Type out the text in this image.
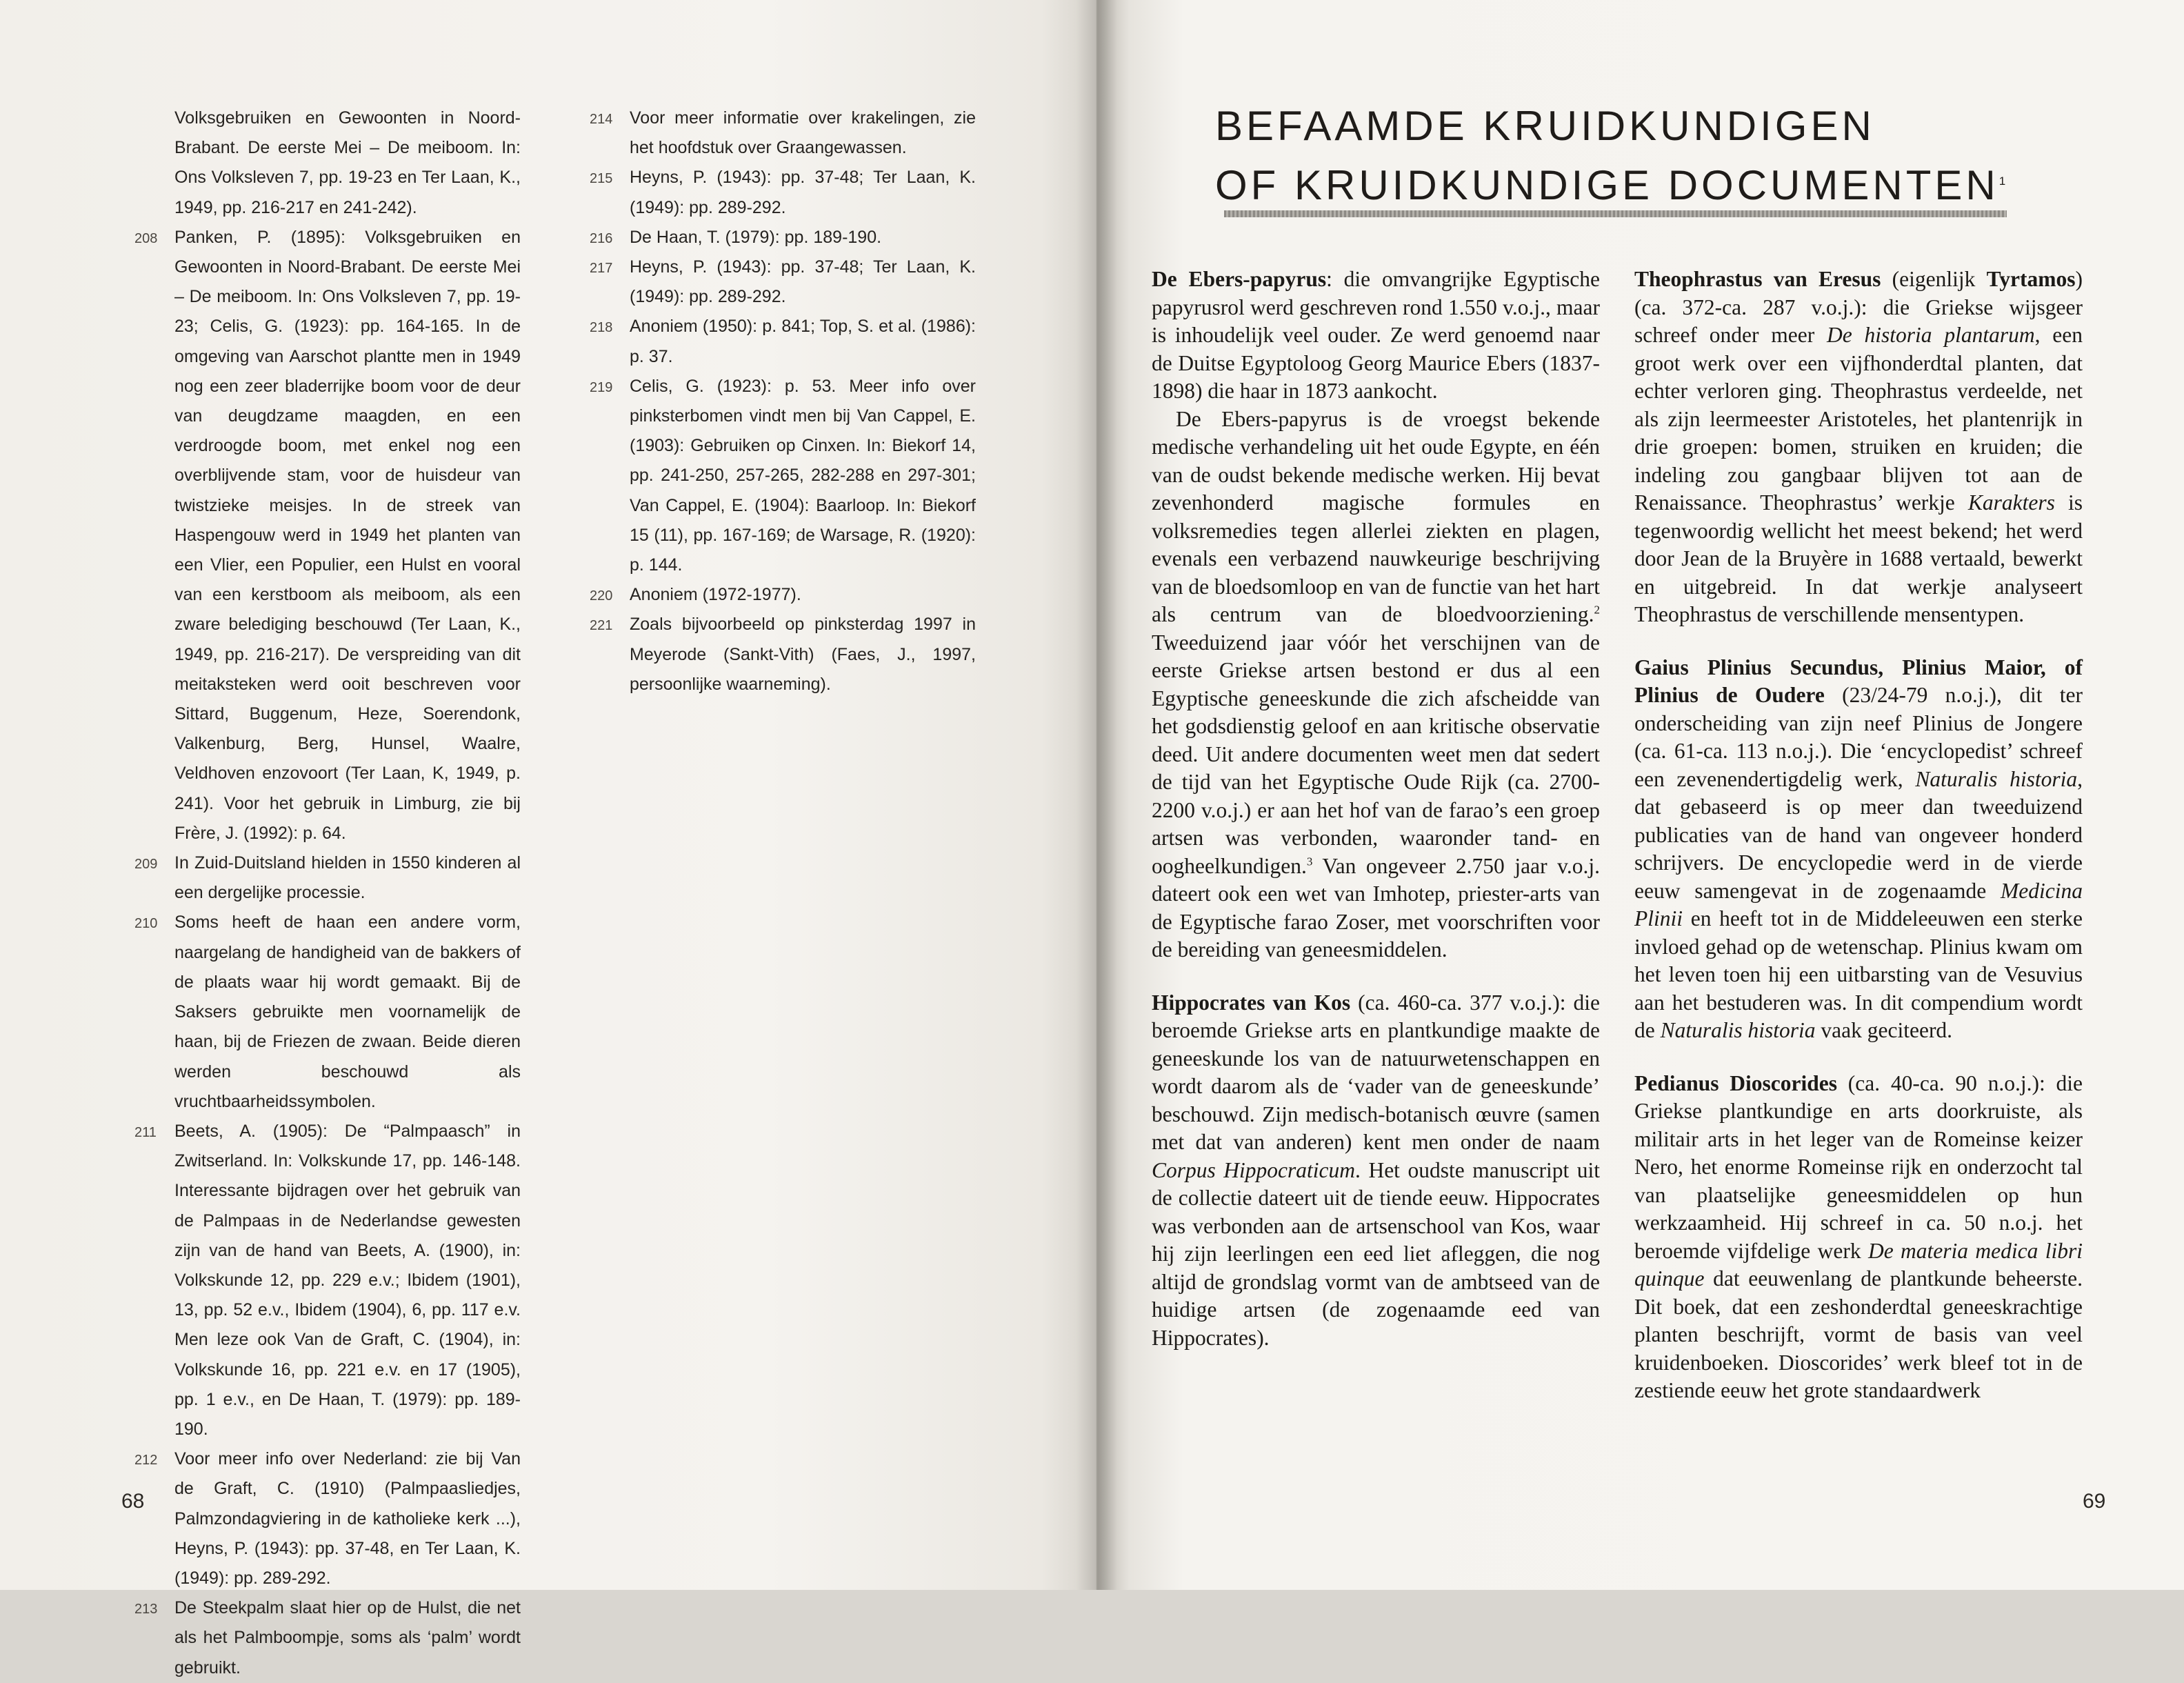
Volksgebruiken en Gewoonten in Noord-Brabant. De eerste Mei – De meiboom. In: Ons Volksleven 7, pp. 19-23 en Ter Laan, K., 1949, pp. 216-217 en 241-242).

208 Panken, P. (1895): Volksgebruiken en Gewoonten in Noord-Brabant. De eerste Mei – De meiboom. In: Ons Volksleven 7, pp. 19-23; Celis, G. (1923): pp. 164-165. In de omgeving van Aarschot plantte men in 1949 nog een zeer bladerrijke boom voor de deur van deugdzame maagden, en een verdroogde boom, met enkel nog een overblijvende stam, voor de huisdeur van twistzieke meisjes. In de streek van Haspengouw werd in 1949 het planten van een Vlier, een Populier, een Hulst en vooral van een kerstboom als meiboom, als een zware belediging beschouwd (Ter Laan, K., 1949, pp. 216-217). De verspreiding van dit meitaksteken werd ooit beschreven voor Sittard, Buggenum, Heze, Soerendonk, Valkenburg, Berg, Hunsel, Waalre, Veldhoven enzovoort (Ter Laan, K, 1949, p. 241). Voor het gebruik in Limburg, zie bij Frère, J. (1992): p. 64.

209 In Zuid-Duitsland hielden in 1550 kinderen al een dergelijke processie.

210 Soms heeft de haan een andere vorm, naargelang de handigheid van de bakkers of de plaats waar hij wordt gemaakt. Bij de Saksers gebruikte men voornamelijk de haan, bij de Friezen de zwaan. Beide dieren werden beschouwd als vruchtbaarheidssymbolen.

211	Beets, A. (1905): De “Palmpaasch” in Zwitserland. In: Volkskunde 17, pp. 146-148. Interessante bijdragen over het gebruik van de Palmpaas in de Nederlandse gewesten zijn van de hand van Beets, A. (1900), in: Volkskunde 12, pp. 229 e.v.; Ibidem (1901), 13, pp. 52 e.v., Ibidem (1904), 6, pp. 117 e.v. Men leze ook Van de Graft, C. (1904), in: Volkskunde 16, pp. 221 e.v. en 17 (1905), pp. 1 e.v., en De Haan, T. (1979): pp. 189-190.

212 Voor meer info over Nederland: zie bij Van de Graft, C. (1910) (Palmpaasliedjes, Palmzondagviering in de katholieke kerk ...), Heyns, P. (1943): pp. 37-48, en Ter Laan, K. (1949): pp. 289-292.

213 De Steekpalm slaat hier op de Hulst, die net als het Palmboompje, soms als ‘palm’ wordt gebruikt.

214 Voor meer informatie over krakelingen, zie het hoofdstuk over Graangewassen.

215 Heyns, P. (1943): pp. 37-48; Ter Laan, K. (1949): pp. 289-292.

216 De Haan, T. (1979): pp. 189-190.

217 Heyns, P. (1943): pp. 37-48; Ter Laan, K. (1949): pp. 289-292.

218 Anoniem (1950): p. 841; Top, S. et al. (1986): p. 37.

219 Celis, G. (1923): p. 53. Meer info over pinksterbomen vindt men bij Van Cappel, E. (1903): Gebruiken op Cinxen. In: Biekorf 14, pp. 241-250, 257-265, 282-288 en 297-301; Van Cappel, E. (1904): Baarloop. In: Biekorf 15 (11), pp. 167-169; de Warsage, R. (1920): p. 144.

220 Anoniem (1972-1977).

221 Zoals bijvoorbeeld op pinksterdag 1997 in Meyerode (Sankt-Vith) (Faes, J., 1997, persoonlijke waarneming).

68
BEFAAMDE KRUIDKUNDIGEN
OF KRUIDKUNDIGE DOCUMENTEN$^1$

De Ebers-papyrus: die omvangrijke Egyptische papyrusrol werd geschreven rond 1.550 v.o.j., maar is inhoudelijk veel ouder. Ze werd genoemd naar de Duitse Egyptoloog Georg Maurice Ebers (1837-1898) die haar in 1873 aankocht.

De Ebers-papyrus is de vroegst bekende medische verhandeling uit het oude Egypte, en één van de oudst bekende medische werken. Hij bevat zevenhonderd magische formules en volksremedies tegen allerlei ziekten en plagen, evenals een verbazend nauwkeurige beschrijving van de bloedsomloop en van de functie van het hart als centrum van de bloedvoorziening.$^2$ Tweeduizend jaar vóór het verschijnen van de eerste Griekse artsen bestond er dus al een Egyptische geneeskunde die zich afscheidde van het godsdienstig geloof en aan kritische observatie deed. Uit andere documenten weet men dat sedert de tijd van het Egyptische Oude Rijk (ca. 2700-2200 v.o.j.) er aan het hof van de farao’s een groep artsen was verbonden, waaronder tand- en oogheelkundigen.$^3$ Van ongeveer 2.750 jaar v.o.j. dateert ook een wet van Imhotep, priester-arts van de Egyptische farao Zoser, met voorschriften voor de bereiding van geneesmiddelen.

Hippocrates van Kos (ca. 460-ca. 377 v.o.j.): die beroemde Griekse arts en plantkundige maakte de geneeskunde los van de natuurwetenschappen en wordt daarom als de ‘vader van de geneeskunde’ beschouwd. Zijn medisch-botanisch œuvre (samen met dat van anderen) kent men onder de naam Corpus Hippocraticum. Het oudste manuscript uit de collectie dateert uit de tiende eeuw. Hippocrates was verbonden aan de artsenschool van Kos, waar hij zijn leerlingen een eed liet afleggen, die nog altijd de grondslag vormt van de ambtseed van de huidige artsen (de zogenaamde eed van Hippocrates).

Theophrastus van Eresus (eigenlijk Tyrtamos) (ca. 372-ca. 287 v.o.j.): die Griekse wijsgeer schreef onder meer De historia plantarum, een groot werk over een vijfhonderdtal planten, dat echter verloren ging. Theophrastus verdeelde, net als zijn leermeester Aristoteles, het plantenrijk in drie groepen: bomen, struiken en kruiden; die indeling zou gangbaar blijven tot aan de Renaissance. Theophrastus’ werkje Karakters is tegenwoordig wellicht het meest bekend; het werd door Jean de la Bruyère in 1688 vertaald, bewerkt en uitgebreid. In dat werkje analyseert Theophrastus de verschillende mensentypen.

Gaius Plinius Secundus, Plinius Maior, of Plinius de Oudere (23/24-79 n.o.j.), dit ter onderscheiding van zijn neef Plinius de Jongere (ca. 61-ca. 113 n.o.j.). Die ‘encyclopedist’ schreef een zevenendertigdelig werk, Naturalis historia, dat gebaseerd is op meer dan tweeduizend publicaties van de hand van ongeveer honderd schrijvers. De encyclopedie werd in de vierde eeuw samengevat in de zogenaamde Medicina Plinii en heeft tot in de Middeleeuwen een sterke invloed gehad op de wetenschap. Plinius kwam om het leven toen hij een uitbarsting van de Vesuvius aan het bestuderen was. In dit compendium wordt de Naturalis historia vaak geciteerd.

Pedianus Dioscorides (ca. 40-ca. 90 n.o.j.): die Griekse plantkundige en arts doorkruiste, als militair arts in het leger van de Romeinse keizer Nero, het enorme Romeinse rijk en onderzocht tal van plaatselijke geneesmiddelen op hun werkzaamheid. Hij schreef in ca. 50 n.o.j. het beroemde vijfdelige werk De materia medica libri quinque dat eeuwenlang de plantkunde beheerste. Dit boek, dat een zeshonderdtal geneeskrachtige planten beschrijft, vormt de basis van veel kruidenboeken. Dioscorides’ werk bleef tot in de zestiende eeuw het grote standaardwerk

69
